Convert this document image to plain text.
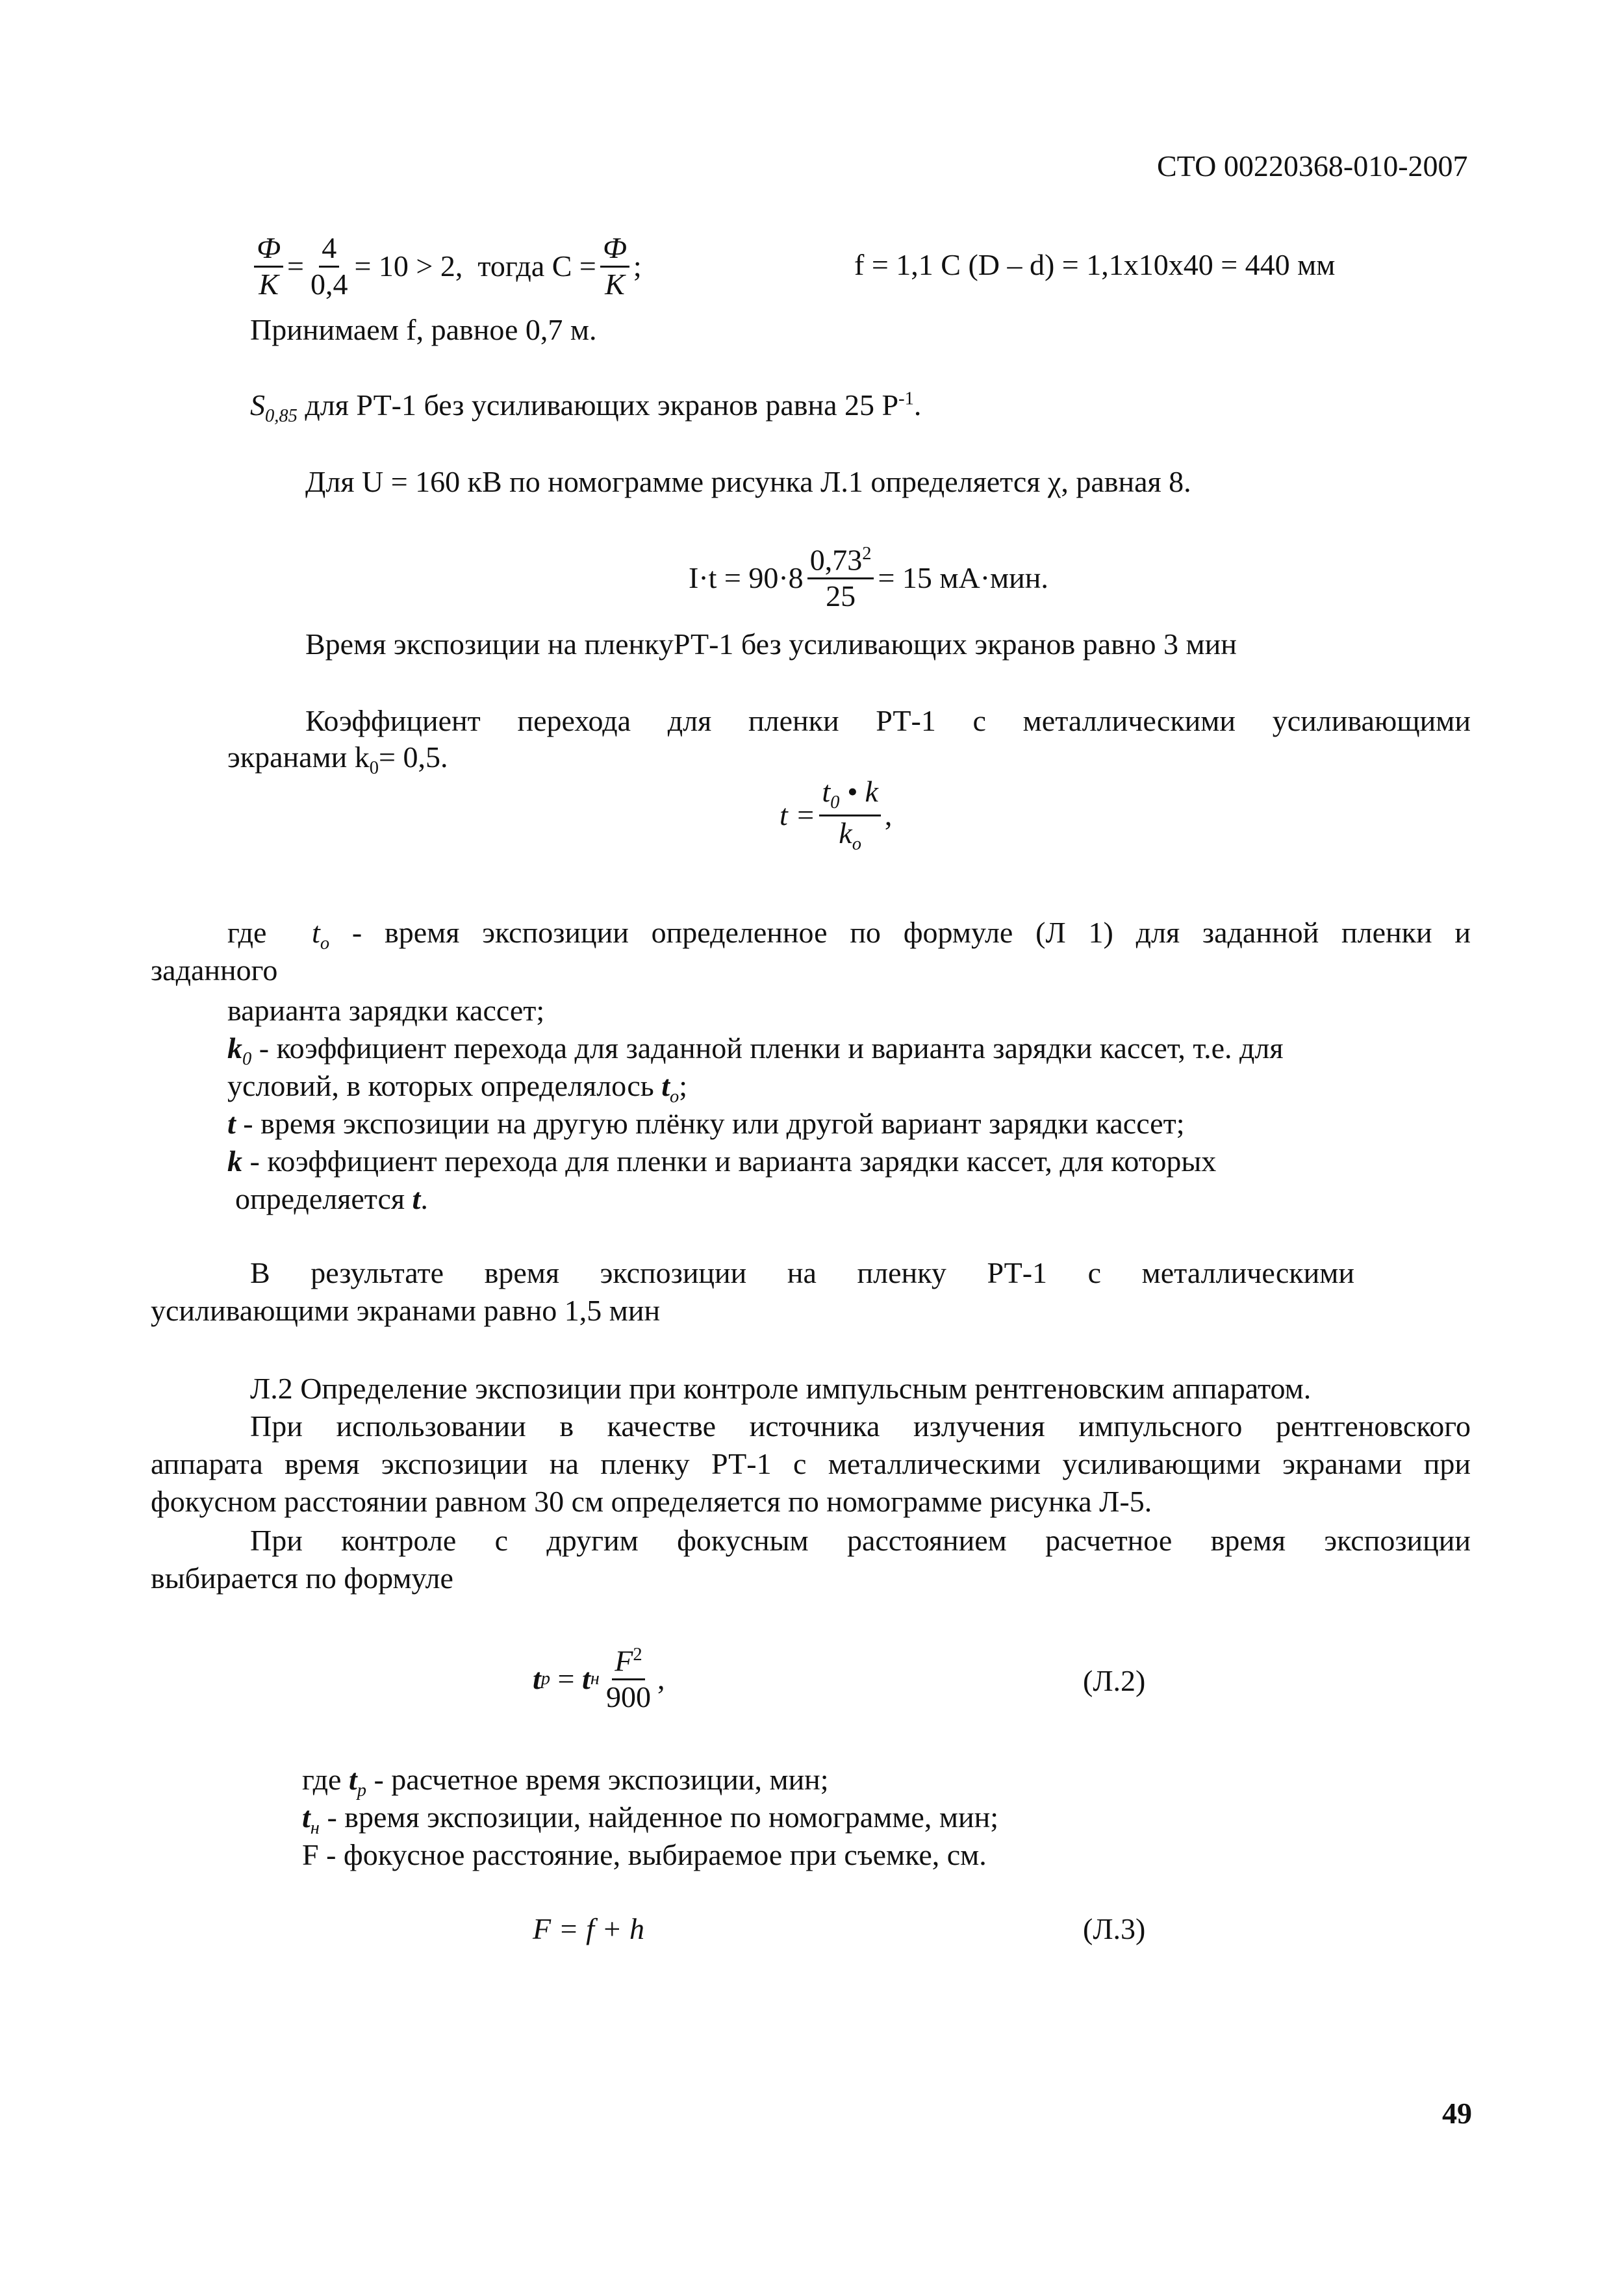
СТО 00220368-010-2007
$\frac{Ф}{К} = \frac{4}{0,4} = 10 > 2$,  тогда $С = \frac{Ф}{К}$ ;	f = 1,1 C (D – d) = 1,1x10x40 = 440 мм
Принимаем f, равное 0,7 м.
$S_{0,85}$ для РТ-1 без усиливающих экранов равна 25 $Р^{-1}$.
Для U = 160 кВ по номограмме рисунка Л.1 определяется χ, равная 8.
$I\cdot t = 90\cdot 8 \frac{0,73^2}{25} = 15$ мА·мин.
Время экспозиции на пленкуРТ-1 без усиливающих экранов равно 3 мин
Коэффициент перехода для пленки РТ-1 с металлическими усиливающими
экранами $k_0= 0,5$.
$t = \frac{t_0 • k}{k_o}$ ,
где  $t_o$ - время экспозиции определенное по формуле (Л 1) для заданной пленки и
заданного
варианта зарядки кассет;
$k_0$ - коэффициент перехода для заданной пленки и варианта зарядки кассет, т.е. для
условий, в которых определялось $t_o$;
t - время экспозиции на другую плёнку или другой вариант зарядки кассет;
k - коэффициент перехода для пленки и варианта зарядки кассет, для которых
определяется t.
В результате время экспозиции на пленку РТ-1 с металлическими
усиливающими экранами равно 1,5 мин
Л.2 Определение экспозиции при контроле импульсным рентгеновским аппаратом.
При использовании в качестве источника излучения импульсного рентгеновского
аппарата время экспозиции на пленку РТ-1 с металлическими усиливающими экранами при
фокусном расстоянии равном 30 см определяется по номограмме рисунка Л-5.
При контроле с другим фокусным расстоянием расчетное время экспозиции
выбирается по формуле
t p = t н $\frac{F^2}{900}$ ,	(Л.2)
где $t_p$ - расчетное время экспозиции, мин;
$t_н$ - время экспозиции, найденное по номограмме, мин;
F - фокусное расстояние, выбираемое при съемке, см.
F = f + h	(Л.3)
49
